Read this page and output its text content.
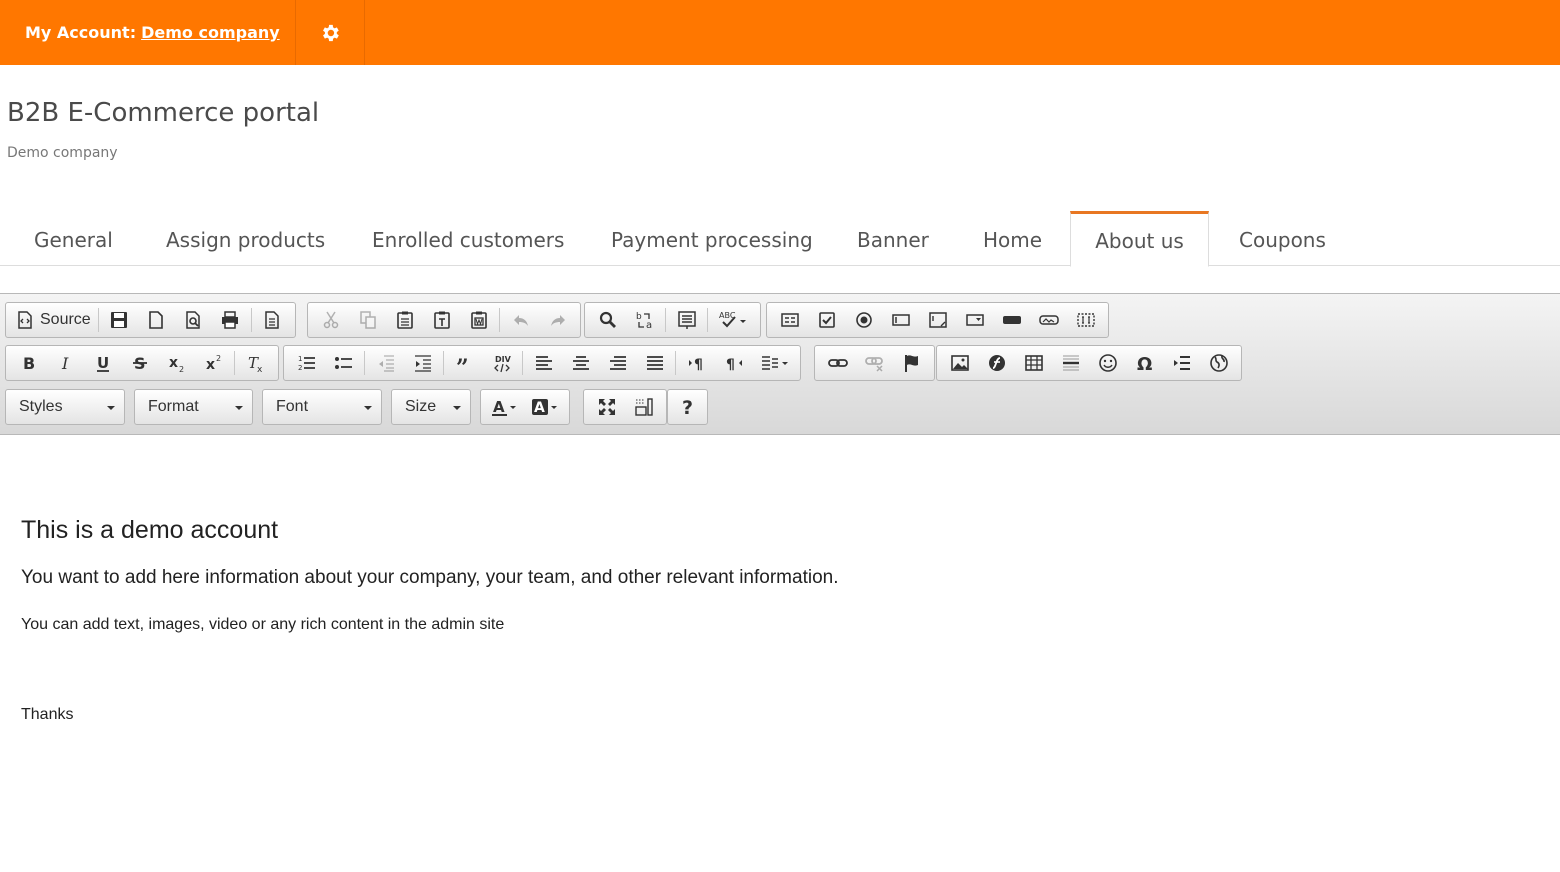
My Account: Demo company
B2B E-Commerce portal
Demo company
General	Assign products Enrolled customers Payment processing Banner	Home	About us	Coupons
Source	b
a
ABC
B I U S x 2 x 2 T
x
1
2	”	DIV	¶ ¶	Ω
Styles	Format	Font	Size	A A	?
This is a demo account

You want to add here information about your company, your team, and other relevant information.

You can add text, images, video or any rich content in the admin site

Thanks
